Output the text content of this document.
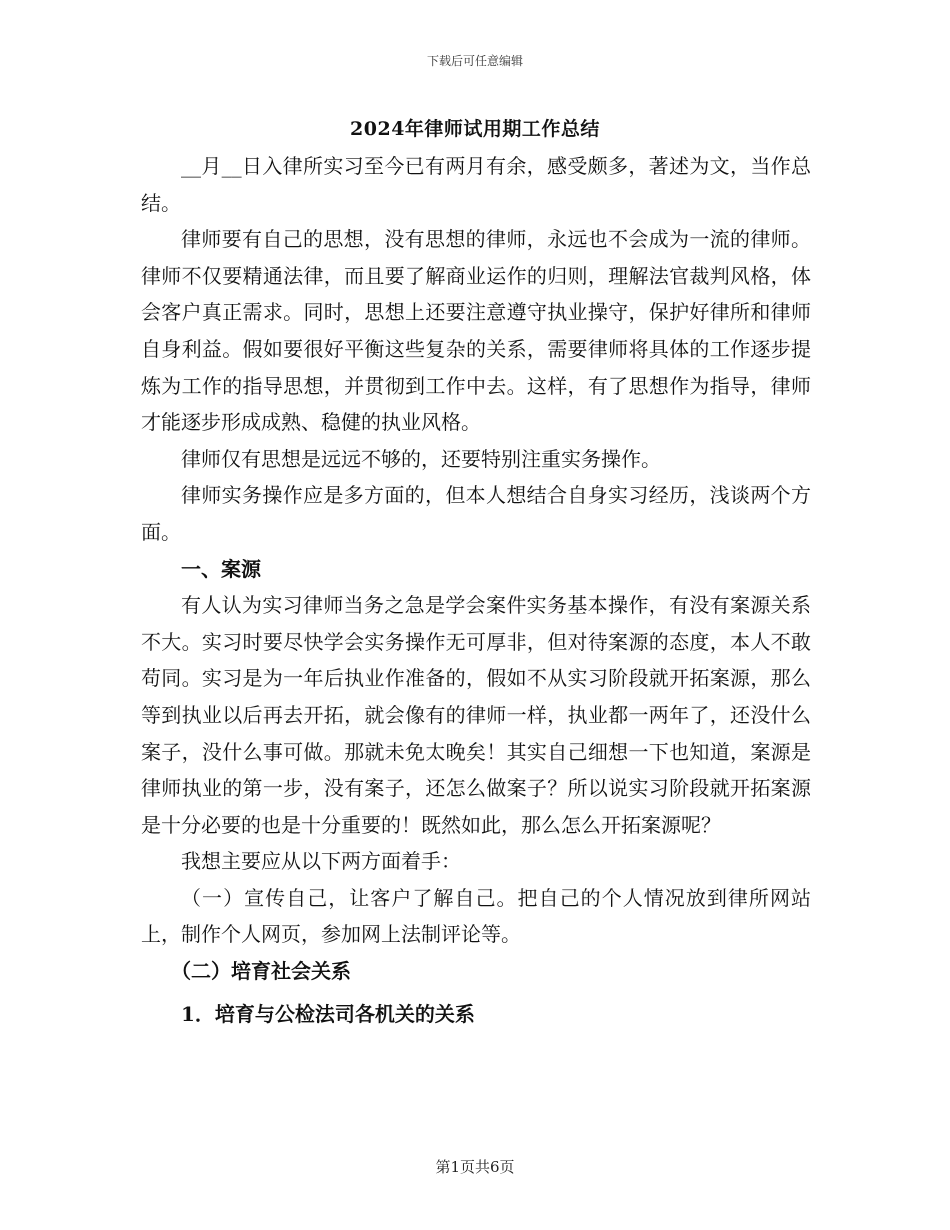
下载后可任意编辑
2024年律师试用期工作总结

__月__日入律所实习至今已有两月有余，感受颇多，著述为文，当作总结。

律师要有自己的思想，没有思想的律师，永远也不会成为一流的律师。律师不仅要精通法律，而且要了解商业运作的归则，理解法官裁判风格，体会客户真正需求。同时，思想上还要注意遵守执业操守，保护好律所和律师自身利益。假如要很好平衡这些复杂的关系，需要律师将具体的工作逐步提炼为工作的指导思想，并贯彻到工作中去。这样，有了思想作为指导，律师才能逐步形成成熟、稳健的执业风格。

律师仅有思想是远远不够的，还要特别注重实务操作。

律师实务操作应是多方面的，但本人想结合自身实习经历，浅谈两个方面。

一、案源

有人认为实习律师当务之急是学会案件实务基本操作，有没有案源关系不大。实习时要尽快学会实务操作无可厚非，但对待案源的态度，本人不敢苟同。实习是为一年后执业作准备的，假如不从实习阶段就开拓案源，那么等到执业以后再去开拓，就会像有的律师一样，执业都一两年了，还没什么案子，没什么事可做。那就未免太晚矣！其实自己细想一下也知道，案源是律师执业的第一步，没有案子，还怎么做案子？所以说实习阶段就开拓案源是十分必要的也是十分重要的！既然如此，那么怎么开拓案源呢？

我想主要应从以下两方面着手：

（一）宣传自己，让客户了解自己。把自己的个人情况放到律所网站上，制作个人网页，参加网上法制评论等。

（二）培育社会关系

1．培育与公检法司各机关的关系

第1页共6页
